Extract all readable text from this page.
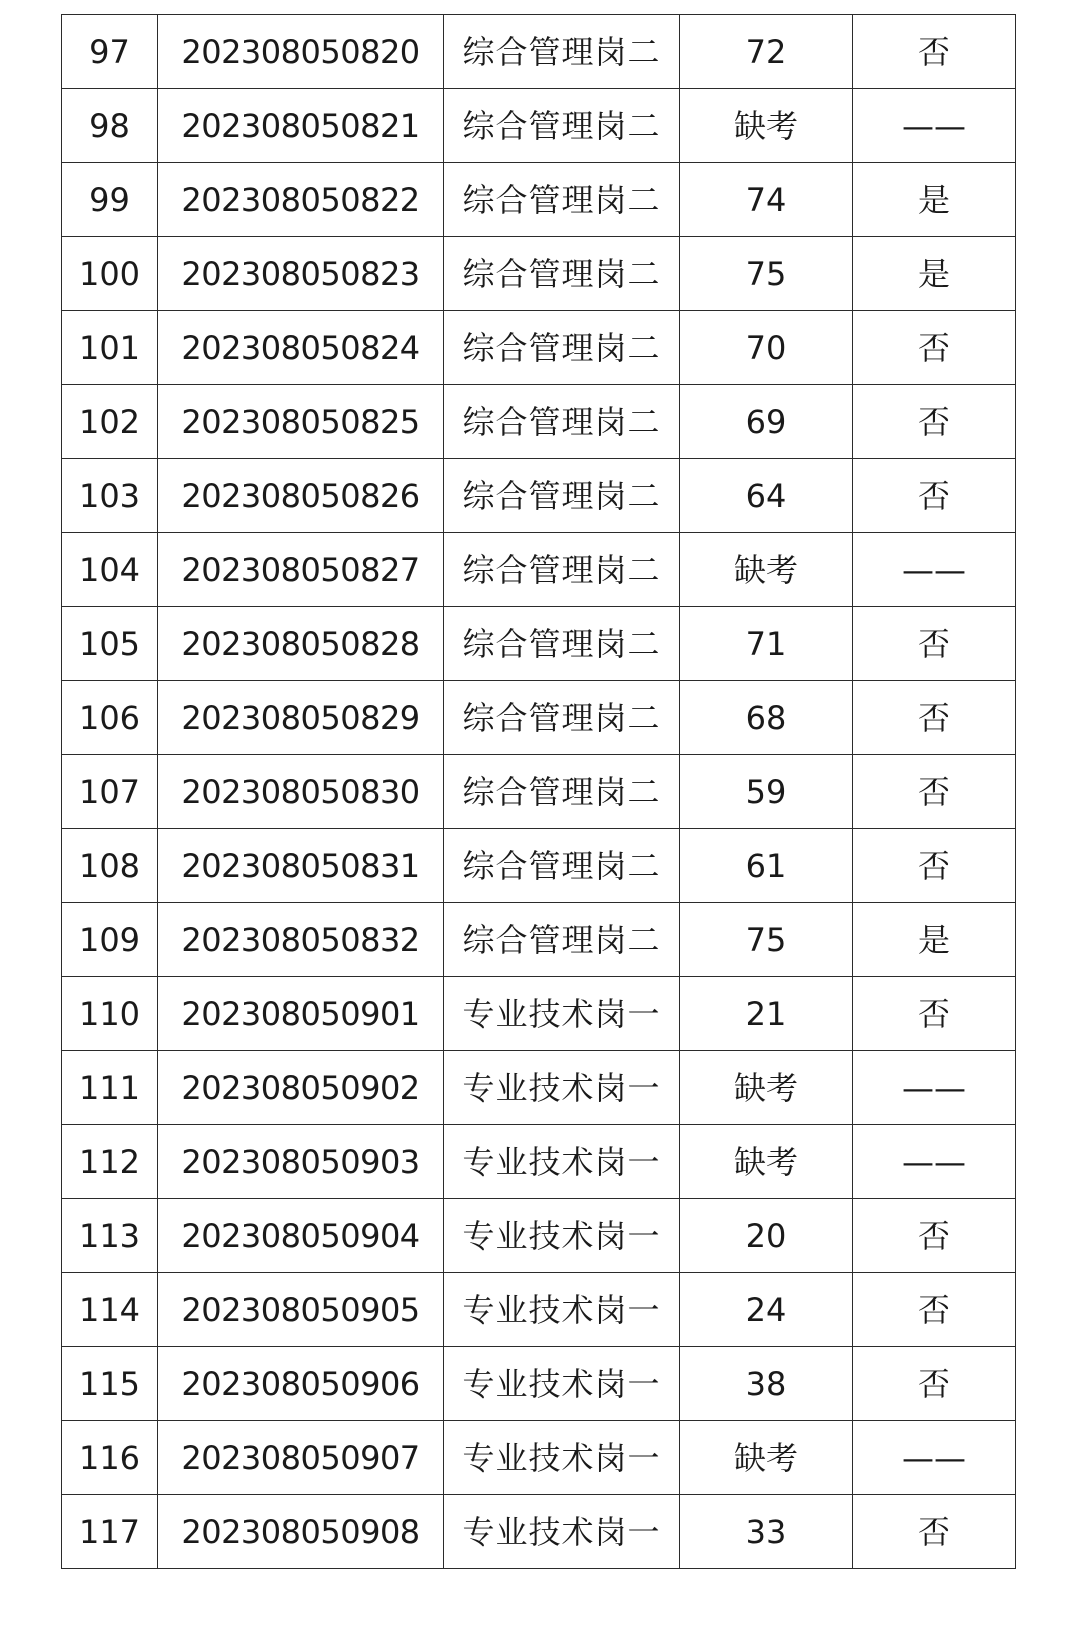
97	202308050820	综合管理岗二	72	否
98	202308050821	综合管理岗二	缺考	——
99	202308050822	综合管理岗二	74	是
100	202308050823	综合管理岗二	75	是
101	202308050824	综合管理岗二	70	否
102	202308050825	综合管理岗二	69	否
103	202308050826	综合管理岗二	64	否
104	202308050827	综合管理岗二	缺考	——
105	202308050828	综合管理岗二	71	否
106	202308050829	综合管理岗二	68	否
107	202308050830	综合管理岗二	59	否
108	202308050831	综合管理岗二	61	否
109	202308050832	综合管理岗二	75	是
110	202308050901	专业技术岗一	21	否
111	202308050902	专业技术岗一	缺考	——
112	202308050903	专业技术岗一	缺考	——
113	202308050904	专业技术岗一	20	否
114	202308050905	专业技术岗一	24	否
115	202308050906	专业技术岗一	38	否
116	202308050907	专业技术岗一	缺考	——
117	202308050908	专业技术岗一	33	否
